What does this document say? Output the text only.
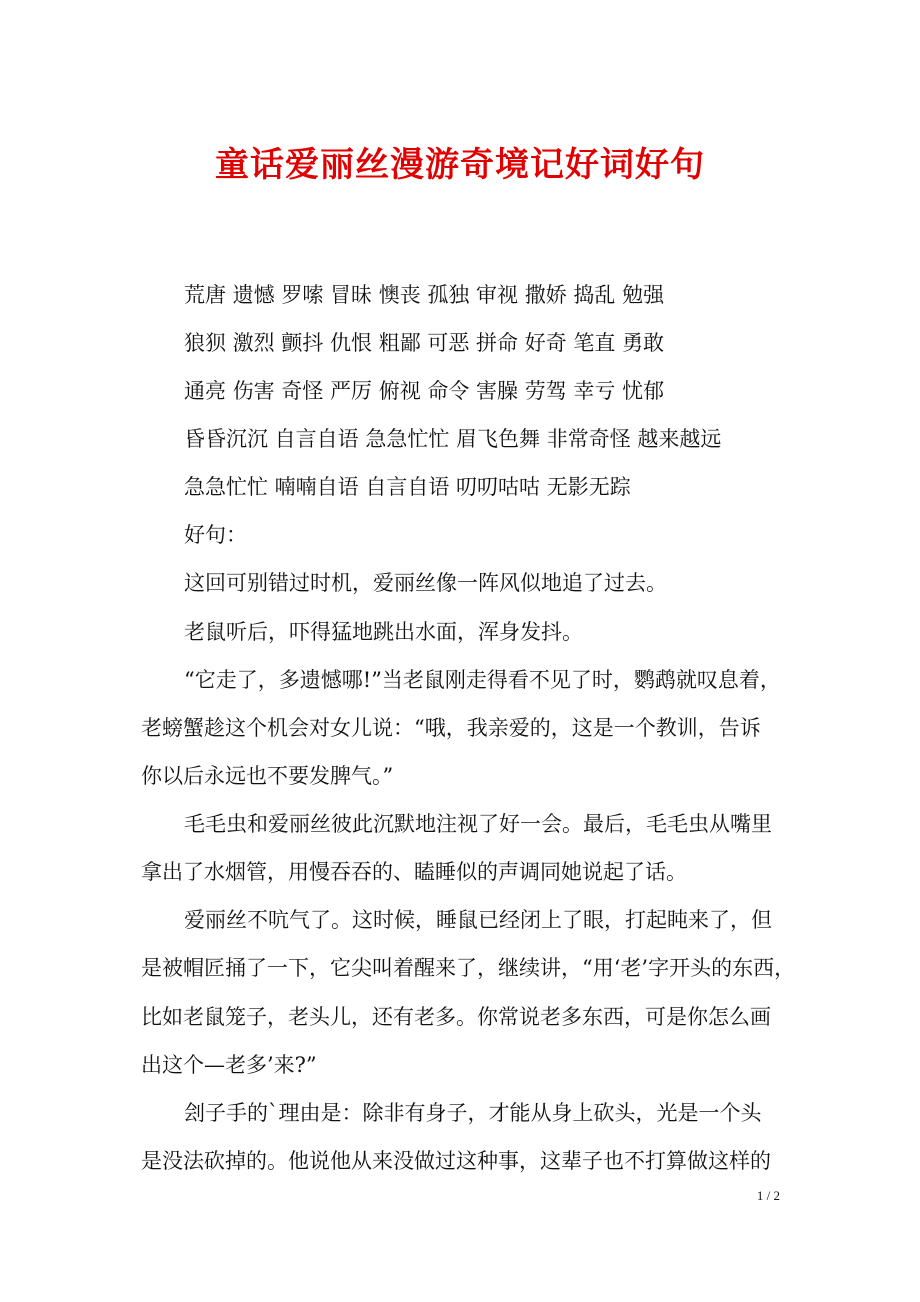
童话爱丽丝漫游奇境记好词好句
荒唐 遗憾 罗嗦 冒昧 懊丧 孤独 审视 撒娇 捣乱 勉强
狼狈 激烈 颤抖 仇恨 粗鄙 可恶 拼命 好奇 笔直 勇敢
通亮 伤害 奇怪 严厉 俯视 命令 害臊 劳驾 幸亏 忧郁
昏昏沉沉 自言自语 急急忙忙 眉飞色舞 非常奇怪 越来越远
急急忙忙 喃喃自语 自言自语 叨叨咕咕 无影无踪
好句：
这回可别错过时机，爱丽丝像一阵风似地追了过去。
老鼠听后，吓得猛地跳出水面，浑身发抖。
“它走了，多遗憾哪!”当老鼠刚走得看不见了时，鹦鹉就叹息着，
老螃蟹趁这个机会对女儿说：“哦，我亲爱的，这是一个教训，告诉
你以后永远也不要发脾气。”
毛毛虫和爱丽丝彼此沉默地注视了好一会。最后，毛毛虫从嘴里
拿出了水烟管，用慢吞吞的、瞌睡似的声调同她说起了话。
爱丽丝不吭气了。这时候，睡鼠已经闭上了眼，打起盹来了，但
是被帽匠捅了一下，它尖叫着醒来了，继续讲，“用‘老’字开头的东西，
比如老鼠笼子，老头儿，还有老多。你常说老多东西，可是你怎么画
出这个—老多’来?”
刽子手的`理由是：除非有身子，才能从身上砍头，光是一个头
是没法砍掉的。他说他从来没做过这种事，这辈子也不打算做这样的
1 / 2
